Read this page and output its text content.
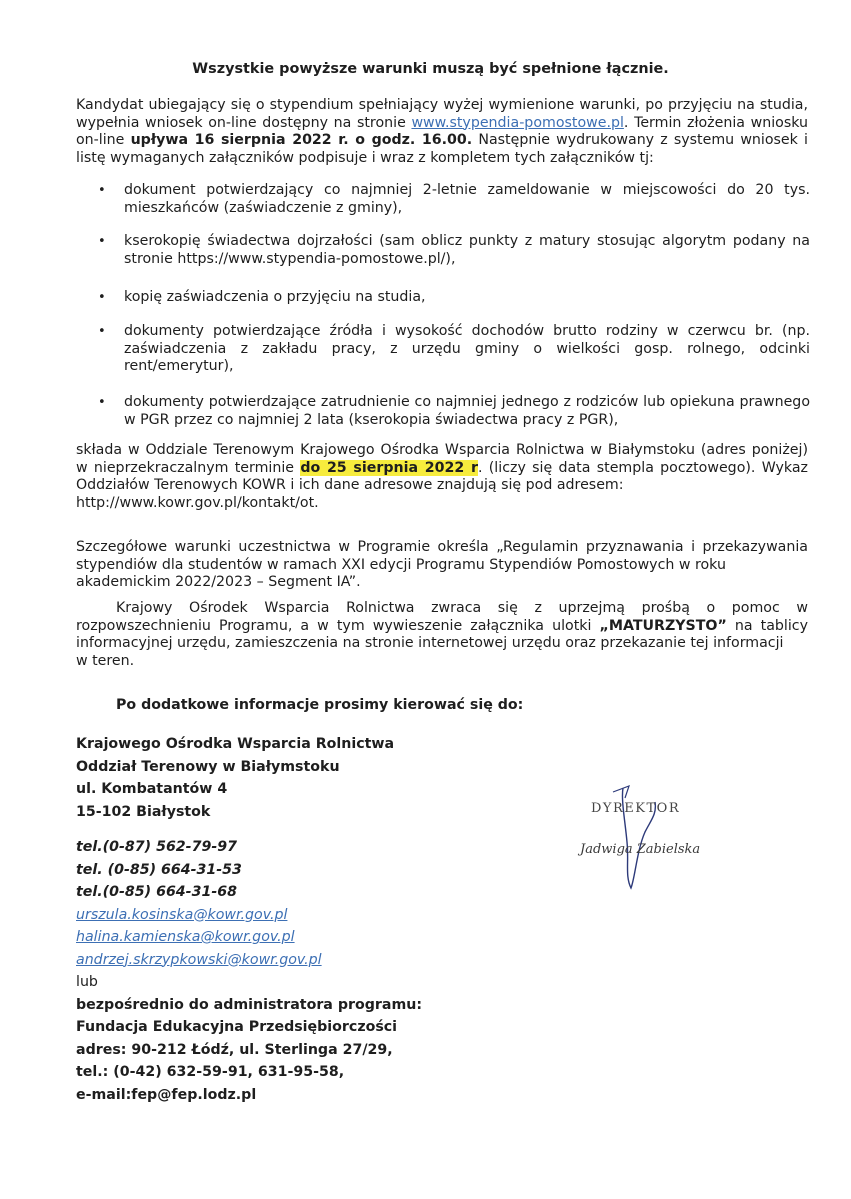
Wszystkie powyższe warunki muszą być spełnione łącznie.
Kandydat ubiegający się o stypendium spełniający wyżej wymienione warunki, po przyjęciu na studia, wypełnia wniosek on-line dostępny na stronie www.stypendia-pomostowe.pl. Termin złożenia wniosku on-line upływa 16 sierpnia 2022 r. o godz. 16.00. Następnie wydrukowany z systemu wniosek i listę wymaganych załączników podpisuje i wraz z kompletem tych załączników tj:
• dokument potwierdzający co najmniej 2-letnie zameldowanie w miejscowości do 20 tys. mieszkańców (zaświadczenie z gminy),
• kserokopię świadectwa dojrzałości (sam oblicz punkty z matury stosując algorytm podany na stronie https://www.stypendia-pomostowe.pl/),
• kopię zaświadczenia o przyjęciu na studia,
• dokumenty potwierdzające źródła i wysokość dochodów brutto rodziny w czerwcu br. (np. zaświadczenia z zakładu pracy, z urzędu gminy o wielkości gosp. rolnego, odcinki rent/emerytur),
• dokumenty potwierdzające zatrudnienie co najmniej jednego z rodziców lub opiekuna prawnego w PGR przez co najmniej 2 lata (kserokopia świadectwa pracy z PGR),
składa w Oddziale Terenowym Krajowego Ośrodka Wsparcia Rolnictwa w Białymstoku (adres poniżej) w nieprzekraczalnym terminie do 25 sierpnia 2022 r. (liczy się data stempla pocztowego). Wykaz Oddziałów Terenowych KOWR i ich dane adresowe znajdują się pod adresem:
http://www.kowr.gov.pl/kontakt/ot.
Szczegółowe warunki uczestnictwa w Programie określa „Regulamin przyznawania i przekazywania stypendiów dla studentów w ramach XXI edycji Programu Stypendiów Pomostowych w roku
akademickim 2022/2023 – Segment IA”.
Krajowy Ośrodek Wsparcia Rolnictwa zwraca się z uprzejmą prośbą o pomoc w rozpowszechnieniu Programu, a w tym wywieszenie załącznika ulotki „MATURZYSTO” na tablicy informacyjnej urzędu, zamieszczenia na stronie internetowej urzędu oraz przekazanie tej informacji
w teren.
Po dodatkowe informacje prosimy kierować się do:
Krajowego Ośrodka Wsparcia Rolnictwa
Oddział Terenowy w Białymstoku
ul. Kombatantów 4
15-102 Białystok
tel.(0-87) 562-79-97
tel. (0-85) 664-31-53
tel.(0-85) 664-31-68
urszula.kosinska@kowr.gov.pl
halina.kamienska@kowr.gov.pl
andrzej.skrzypkowski@kowr.gov.pl
lub
bezpośrednio do administratora programu:
Fundacja Edukacyjna Przedsiębiorczości
adres: 90-212 Łódź, ul. Sterlinga 27/29,
tel.: (0-42) 632-59-91, 631-95-58,
e-mail:fep@fep.lodz.pl
DYREKTOR
Jadwiga Zabielska
